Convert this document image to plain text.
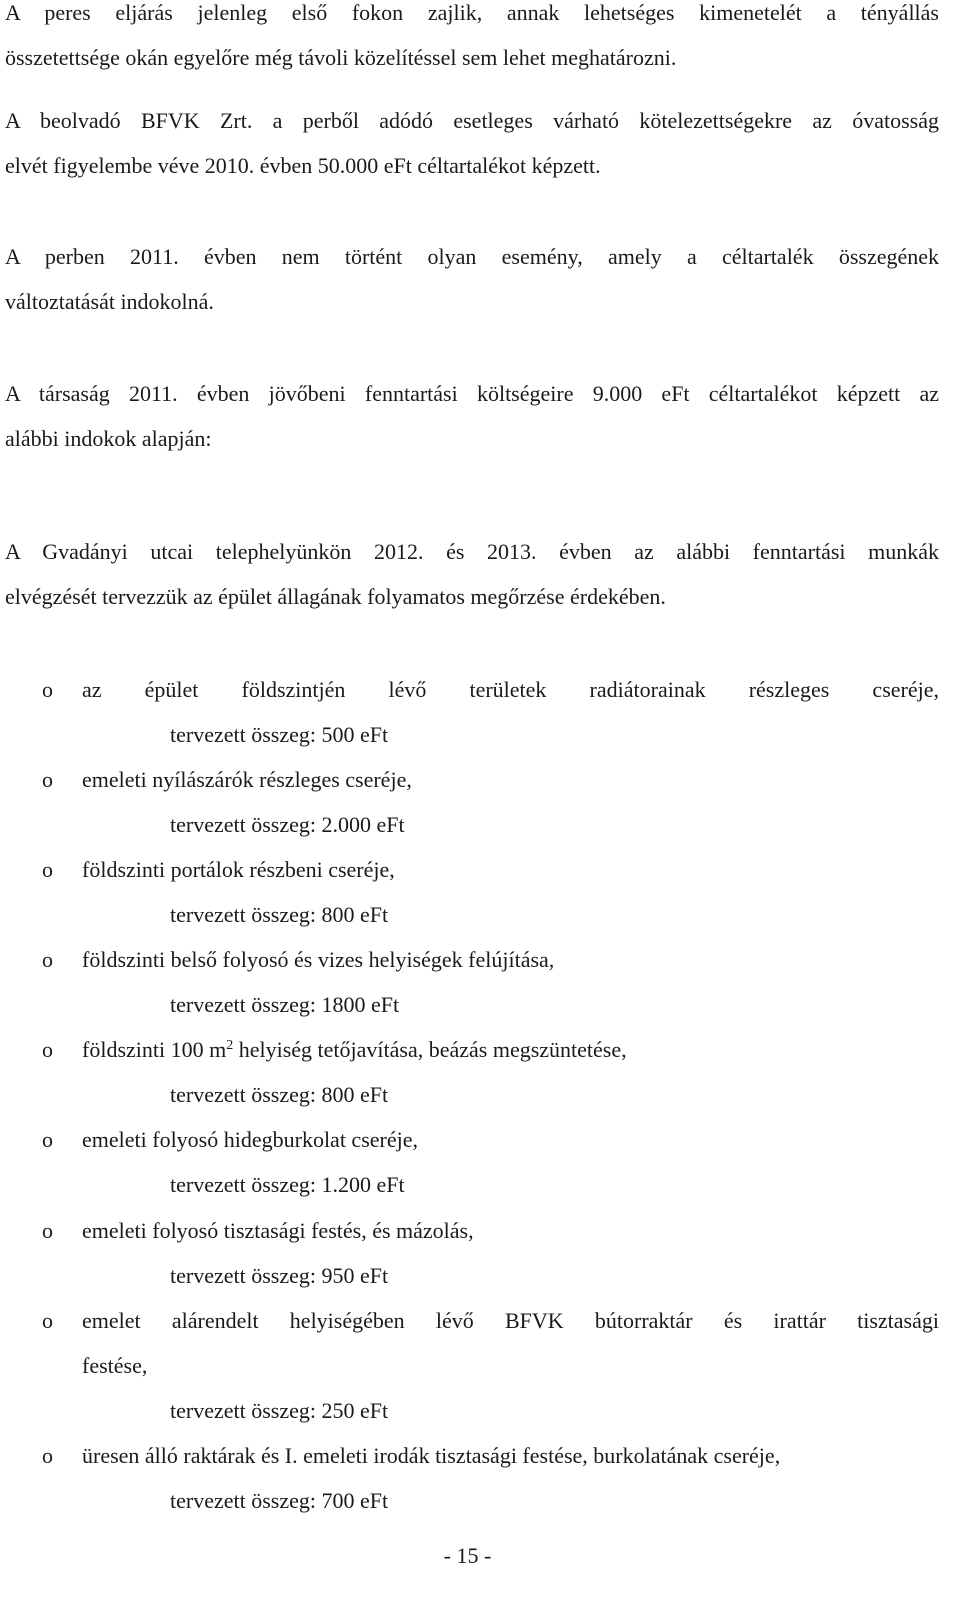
A peres eljárás jelenleg első fokon zajlik, annak lehetséges kimenetelét a tényállás
összetettsége okán egyelőre még távoli közelítéssel sem lehet meghatározni.

A beolvadó BFVK Zrt. a perből adódó esetleges várható kötelezettségekre az óvatosság
elvét figyelembe véve 2010. évben 50.000 eFt céltartalékot képzett.

A perben 2011. évben nem történt olyan esemény, amely a céltartalék összegének
változtatását indokolná.

A társaság 2011. évben jövőbeni fenntartási költségeire 9.000 eFt céltartalékot képzett az
alábbi indokok alapján:

A Gvadányi utcai telephelyünkön 2012. és 2013. évben az alábbi fenntartási munkák
elvégzését tervezzük az épület állagának folyamatos megőrzése érdekében.

o az épület földszintjén lévő területek radiátorainak részleges cseréje,
tervezett összeg: 500 eFt
o emeleti nyílászárók részleges cseréje,
tervezett összeg: 2.000 eFt
o földszinti portálok részbeni cseréje,
tervezett összeg: 800 eFt
o földszinti belső folyosó és vizes helyiségek felújítása,
tervezett összeg: 1800 eFt
o földszinti 100 $m^2$ helyiség tetőjavítása, beázás megszüntetése,
tervezett összeg: 800 eFt
o emeleti folyosó hidegburkolat cseréje,
tervezett összeg: 1.200 eFt
o emeleti folyosó tisztasági festés, és mázolás,
tervezett összeg: 950 eFt
o emelet alárendelt helyiségében lévő BFVK bútorraktár és irattár tisztasági
festése,
tervezett összeg: 250 eFt
o üresen álló raktárak és I. emeleti irodák tisztasági festése, burkolatának cseréje,
tervezett összeg: 700 eFt
- 15 -
